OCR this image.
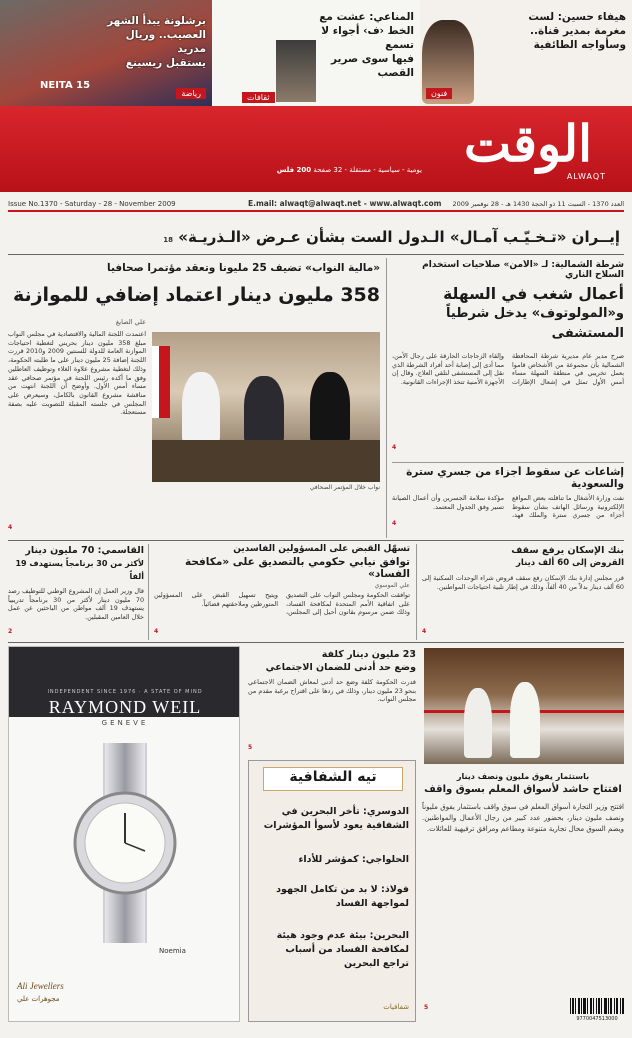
NEITA 15
برشلونة يبدأ الشهر
العصيب.. وريال مدريد
يستقبل ريسينغ
رياضة
المناعي: عشت مع
الخط ‹ف› أجواء لا تسمع
فيها سوى صرير القصب
ثقافات
هيفاء حسين: لست
مغرمة بمدير قناة..
وسأواجه الطائفية
فنون
الوقت
ALWAQT
يومية - سياسية - مستقلة - 32 صفحة 200 فلس
Issue No.1370 - Saturday - 28 - November 2009	E.mail: alwaqt@alwaqt.net - www.alwaqt.com العدد 1370 - السبت 11 ذو الحجة 1430 هـ - 28 نوفمبر 2009
إيــران «تـخـيّـب آمـال» الـدول الست بشأن عـرض «الـذريـة» 18
شرطة الشمالية: لـ «الأمن» صلاحيات استخدام السلاح الناري
أعمال شغب في السهلة
و«المولوتوف» يدخل شرطياً المستشفى
صرح مدير عام مديرية شرطة المحافظة الشمالية بأن مجموعة من الأشخاص قاموا بعمل تخريبي في منطقة السهلة مساء أمس الأول تمثل في إشعال الإطارات وإلقاء الزجاجات الحارقة على رجال الأمن، مما أدى إلى إصابة أحد أفراد الشرطة الذي نقل إلى المستشفى لتلقي العلاج. وقال إن الأجهزة الأمنية تتخذ الإجراءات القانونية.
4
إشاعات عن سقوط أجزاء من جسري سترة والسعودية
نفت وزارة الأشغال ما تناقلته بعض المواقع الإلكترونية ورسائل الهاتف بشأن سقوط أجزاء من جسري سترة والملك فهد، مؤكدة سلامة الجسرين وأن أعمال الصيانة تسير وفق الجدول المعتمد.
4
«مالية النواب» تضيف 25 مليوناً وتعقد مؤتمراً صحافياً
358 مليون دينار اعتماد إضافي للموازنة
نواب خلال المؤتمر الصحافي
علي الصايغ
اعتمدت اللجنة المالية والاقتصادية في مجلس النواب مبلغ 358 مليون دينار بحريني لتغطية احتياجات الموازنة العامة للدولة للسنتين 2009 و2010 قررت اللجنة إضافة 25 مليون دينار على ما طلبته الحكومة، وذلك لتغطية مشروع علاوة الغلاء وتوظيف العاطلين وفق ما أكده رئيس اللجنة في مؤتمر صحافي عقد مساء أمس الأول. وأوضح أن اللجنة انتهت من مناقشة مشروع القانون بالكامل، وسيعرض على المجلس في جلسته المقبلة للتصويت عليه بصفة مستعجلة.
4
القاسمي: 70 مليون دينار
لأكثر من 30 برنامجاً يستهدف 19 ألفاً
قال وزير العمل إن المشروع الوطني للتوظيف رصد 70 مليون دينار لأكثر من 30 برنامجاً تدريبياً يستهدف 19 ألف مواطن من الباحثين عن عمل خلال العامين المقبلين.
2
تسهّل القبض على المسؤولين الفاسدين
توافق نيابي حكومي بالتصديق على «مكافحة الفساد»
علي الموسوي
توافقت الحكومة ومجلس النواب على التصديق على اتفاقية الأمم المتحدة لمكافحة الفساد، وذلك ضمن مرسوم بقانون أحيل إلى المجلس، ويتيح تسهيل القبض على المسؤولين المتورطين وملاحقتهم قضائياً.
4
بنك الإسكان يرفع سقف
القروض إلى 60 ألف دينار
قرر مجلس إدارة بنك الإسكان رفع سقف قروض شراء الوحدات السكنية إلى 60 ألف دينار بدلاً من 40 ألفاً، وذلك في إطار تلبية احتياجات المواطنين.
4
INDEPENDENT SINCE 1976 · A STATE OF MIND
RAYMOND WEIL
GENEVE
Noemia
Ali Jewellers
مجوهرات علي
23 مليون دينار كلفة
وضع حد أدنى للضمان الاجتماعي
قدرت الحكومة كلفة وضع حد أدنى لمعاش الضمان الاجتماعي بنحو 23 مليون دينار، وذلك في ردها على اقتراح برغبة مقدم من مجلس النواب.
5
تيه الشفافية
الدوسري: تأخر البحرين في الشفافية يعود لأسوأ المؤشرات
الحلواجي: كمؤشر للأداء
فولاذ: لا بد من تكامل الجهود لمواجهة الفساد
البحرين: بيئة عدم وجود هيئة لمكافحة الفساد من أسباب تراجع البحرين
شفافيات
باستثمار يفوق مليون ونصف دينار
افتتاح حاشد لأسواق المعلم بسوق واقف
افتتح وزير التجارة أسواق المعلم في سوق واقف باستثمار يفوق مليوناً ونصف مليون دينار، بحضور عدد كبير من رجال الأعمال والمواطنين. ويضم السوق محال تجارية متنوعة ومطاعم ومرافق ترفيهية للعائلات.
5
9770047513000
